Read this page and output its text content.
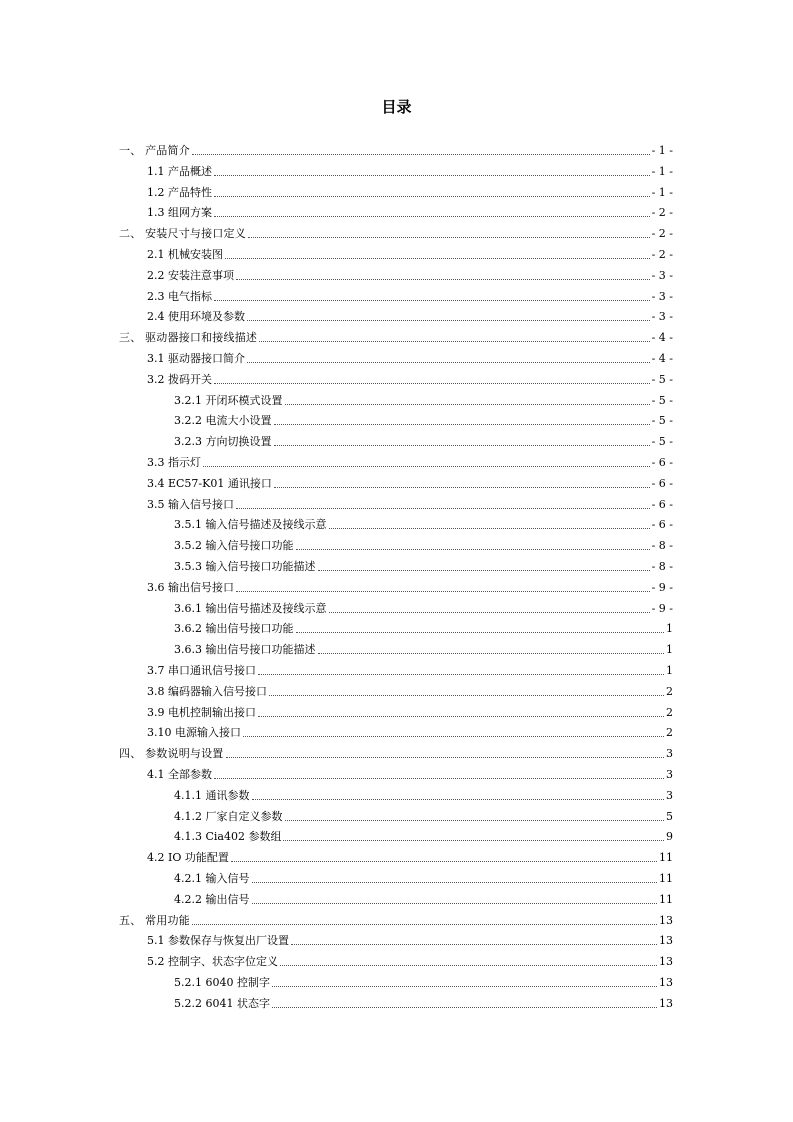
目录
一、 产品简介	- 1 -
1.1 产品概述	- 1 -
1.2 产品特性	- 1 -
1.3 组网方案	- 2 -
二、 安装尺寸与接口定义	- 2 -
2.1 机械安装图	- 2 -
2.2 安装注意事项	- 3 -
2.3 电气指标	- 3 -
2.4 使用环境及参数	- 3 -
三、 驱动器接口和接线描述	- 4 -
3.1 驱动器接口简介	- 4 -
3.2 拨码开关	- 5 -
3.2.1 开闭环模式设置	- 5 -
3.2.2 电流大小设置	- 5 -
3.2.3 方向切换设置	- 5 -
3.3 指示灯	- 6 -
3.4 EC57-K01 通讯接口	- 6 -
3.5 输入信号接口	- 6 -
3.5.1 输入信号描述及接线示意	- 6 -
3.5.2 输入信号接口功能	- 8 -
3.5.3 输入信号接口功能描述	- 8 -
3.6 输出信号接口	- 9 -
3.6.1 输出信号描述及接线示意	- 9 -
3.6.2 输出信号接口功能	1
3.6.3 输出信号接口功能描述	1
3.7 串口通讯信号接口	1
3.8 编码器输入信号接口	2
3.9 电机控制输出接口	2
3.10 电源输入接口	2
四、 参数说明与设置	3
4.1 全部参数	3
4.1.1 通讯参数	3
4.1.2 厂家自定义参数	5
4.1.3 Cia402 参数组	9
4.2 IO 功能配置	11
4.2.1 输入信号	11
4.2.2 输出信号	11
五、 常用功能	13
5.1 参数保存与恢复出厂设置	13
5.2 控制字、状态字位定义	13
5.2.1 6040 控制字	13
5.2.2 6041 状态字	13
